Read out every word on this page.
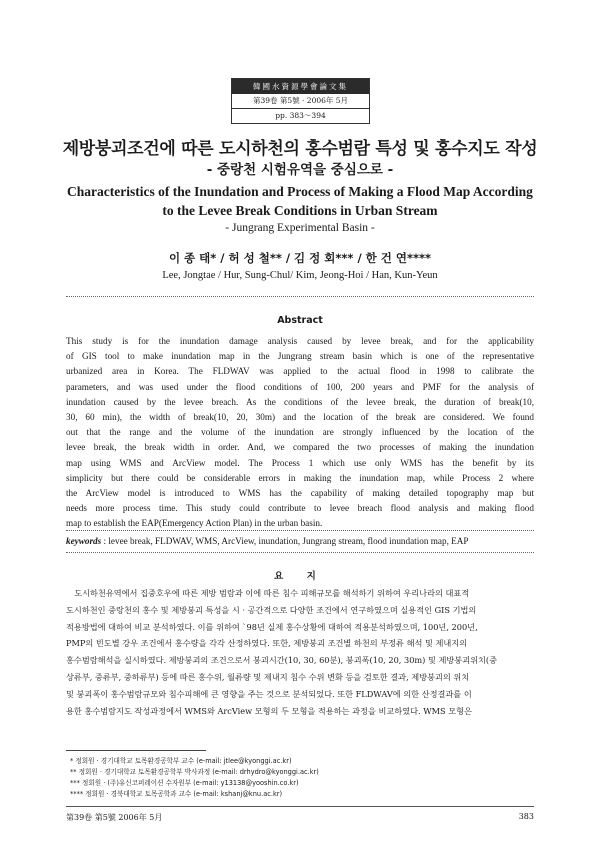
韓國水資源學會論文集
第39卷 第5號 · 2006年 5月
pp. 383～394
제방붕괴조건에 따른 도시하천의 홍수범람 특성 및 홍수지도 작성
- 중랑천 시험유역을 중심으로 -
Characteristics of the Inundation and Process of Making a Flood Map According
to the Levee Break Conditions in Urban Stream
- Jungrang Experimental Basin -
이 종 태* / 허 성 철** / 김 정 회*** / 한 건 연****
Lee, Jongtae / Hur, Sung-Chul/ Kim, Jeong-Hoi / Han, Kun-Yeun
Abstract
This study is for the inundation damage analysis caused by levee break, and for the applicability
of GIS tool to make inundation map in the Jungrang stream basin which is one of the representative
urbanized area in Korea. The FLDWAV was applied to the actual flood in 1998 to calibrate the
parameters, and was used under the flood conditions of 100, 200 years and PMF for the analysis of
inundation caused by the levee breach. As the conditions of the levee break, the duration of break(10,
30, 60 min), the width of break(10, 20, 30m) and the location of the break are considered. We found
out that the range and the volume of the inundation are strongly influenced by the location of the
levee break, the break width in order. And, we compared the two processes of making the inundation
map using WMS and ArcView model. The Process 1 which use only WMS has the benefit by its
simplicity but there could be considerable errors in making the inundation map, while Process 2 where
the ArcView model is introduced to WMS has the capability of making detailed topography map but
needs more process time. This study could contribute to levee breach flood analysis and making flood
map to establish the EAP(Emergency Action Plan) in the urban basin.
keywords : levee break, FLDWAV, WMS, ArcView, inundation, Jungrang stream, flood inundation map, EAP
요 지
　도시하천유역에서 집중호우에 따른 제방 범람과 이에 따른 침수 피해규모를 해석하기 위하여 우리나라의 대표적
도시하천인 중랑천의 홍수 및 제방붕괴 특성을 시 · 공간적으로 다양한 조건에서 연구하였으며 실용적인 GIS 기법의
적용방법에 대하여 비교 분석하였다. 이를 위하여 `98년 실제 홍수상황에 대하여 적용분석하였으며, 100년, 200년,
PMP의 빈도별 강우 조건에서 홍수량을 각각 산정하였다. 또한, 제방붕괴 조건별 하천의 부정류 해석 및 제내지의
홍수범람해석을 실시하였다. 제방붕괴의 조건으로서 붕괴시간(10, 30, 60분), 붕괴폭(10, 20, 30m) 및 제방붕괴위치(중
상류부, 중류부, 중하류부) 등에 따른 홍수위, 월류량 및 제내지 침수 수위 변화 등을 검토한 결과, 제방붕괴의 위치
및 붕괴폭이 홍수범람규모와 침수피해에 큰 영향을 주는 것으로 분석되었다. 또한 FLDWAV에 의한 산정결과를 이
용한 홍수범람지도 작성과정에서 WMS와 ArcView 모형의 두 모형을 적용하는 과정을 비교하였다. WMS 모형은
* 정회원 · 경기대학교 토목환경공학부 교수 (e-mail: jtlee@kyonggi.ac.kr)
** 정회원 · 경기대학교 토목환경공학부 박사과정 (e-mail: drhydro@kyonggi.ac.kr)
*** 정회원 · (주)유신코퍼레이션 수자원부 (e-mail: y13138@yooshin.co.kr)
**** 정회원 · 경북대학교 토목공학과 교수 (e-mail: kshanj@knu.ac.kr)
第39卷 第5號 2006年 5月	383
